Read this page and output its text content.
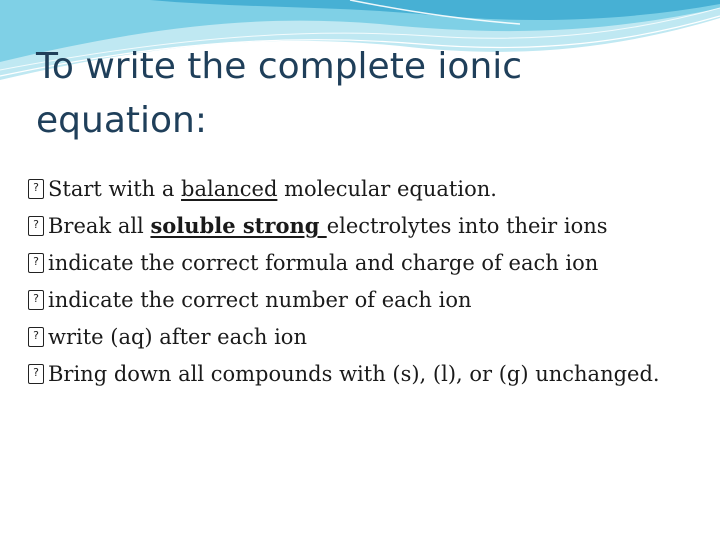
To write the complete ionic equation:
? Start with a balanced molecular equation.
? Break all soluble strong electrolytes into their ions
? indicate the correct formula and charge of each ion
? indicate the correct number of each ion
? write (aq) after each ion
? Bring down all compounds with (s), (l), or (g) unchanged.
